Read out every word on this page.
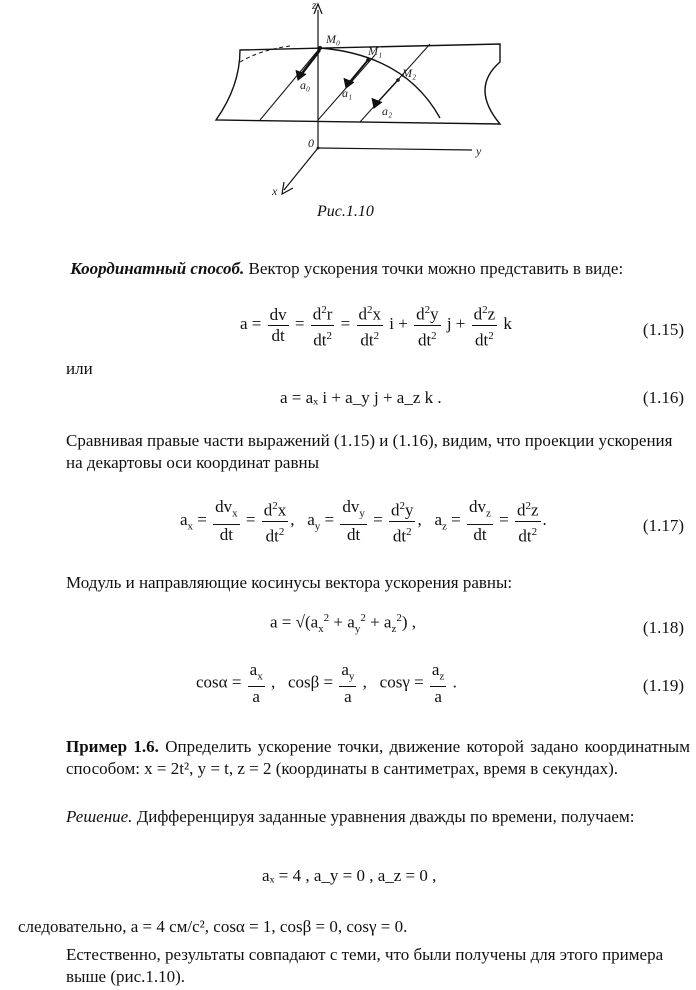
z
y
x
0
M₀
M₁
M₂
a₀
a₁
a₂
Рис.1.10
Координатный способ. Вектор ускорения точки можно представить в виде:
$a = \frac{dv}{dt} = \frac{d^2r}{dt^2} = \frac{d^2x}{dt^2}$ $i + \frac{d^2y}{dt^2}$ $j + \frac{d^2z}{dt^2}$ k	(1.15)
или
a = aₓ i + a_y j + a_z k .	(1.16)
Сравнивая правые части выражений (1.15) и (1.16), видим, что проекции ускорения на декартовы оси координат равны
$a_x = \frac{dv_x}{dt} = \frac{d^2x}{dt^2}$ ,   $a_y = \frac{dv_y}{dt} = \frac{d^2y}{dt^2}$ ,   $a_z = \frac{dv_z}{dt} = \frac{d^2z}{dt^2}$ .	(1.17)
Модуль и направляющие косинусы вектора ускорения равны:
$a = √(a_x^2 + a_y^2 + a_z^2)$ ,	(1.18)
$\cos\alpha = \frac{a_x}{a}$ ,   $\cos\beta = \frac{a_y}{a}$ ,   $\cos\gamma = \frac{a_z}{a}$ .	(1.19)
Пример 1.6. Определить ускорение точки, движение которой задано координатным способом: x = 2t², y = t, z = 2 (координаты в сантиметрах, время в секундах).
Решение. Дифференцируя заданные уравнения дважды по времени, получаем:
aₓ = 4 , a_y = 0 , a_z = 0 ,
следовательно, a = 4 см/с², cosα = 1, cosβ = 0, cosγ = 0.
Естественно, результаты совпадают с теми, что были получены для этого примера выше (рис.1.10).
